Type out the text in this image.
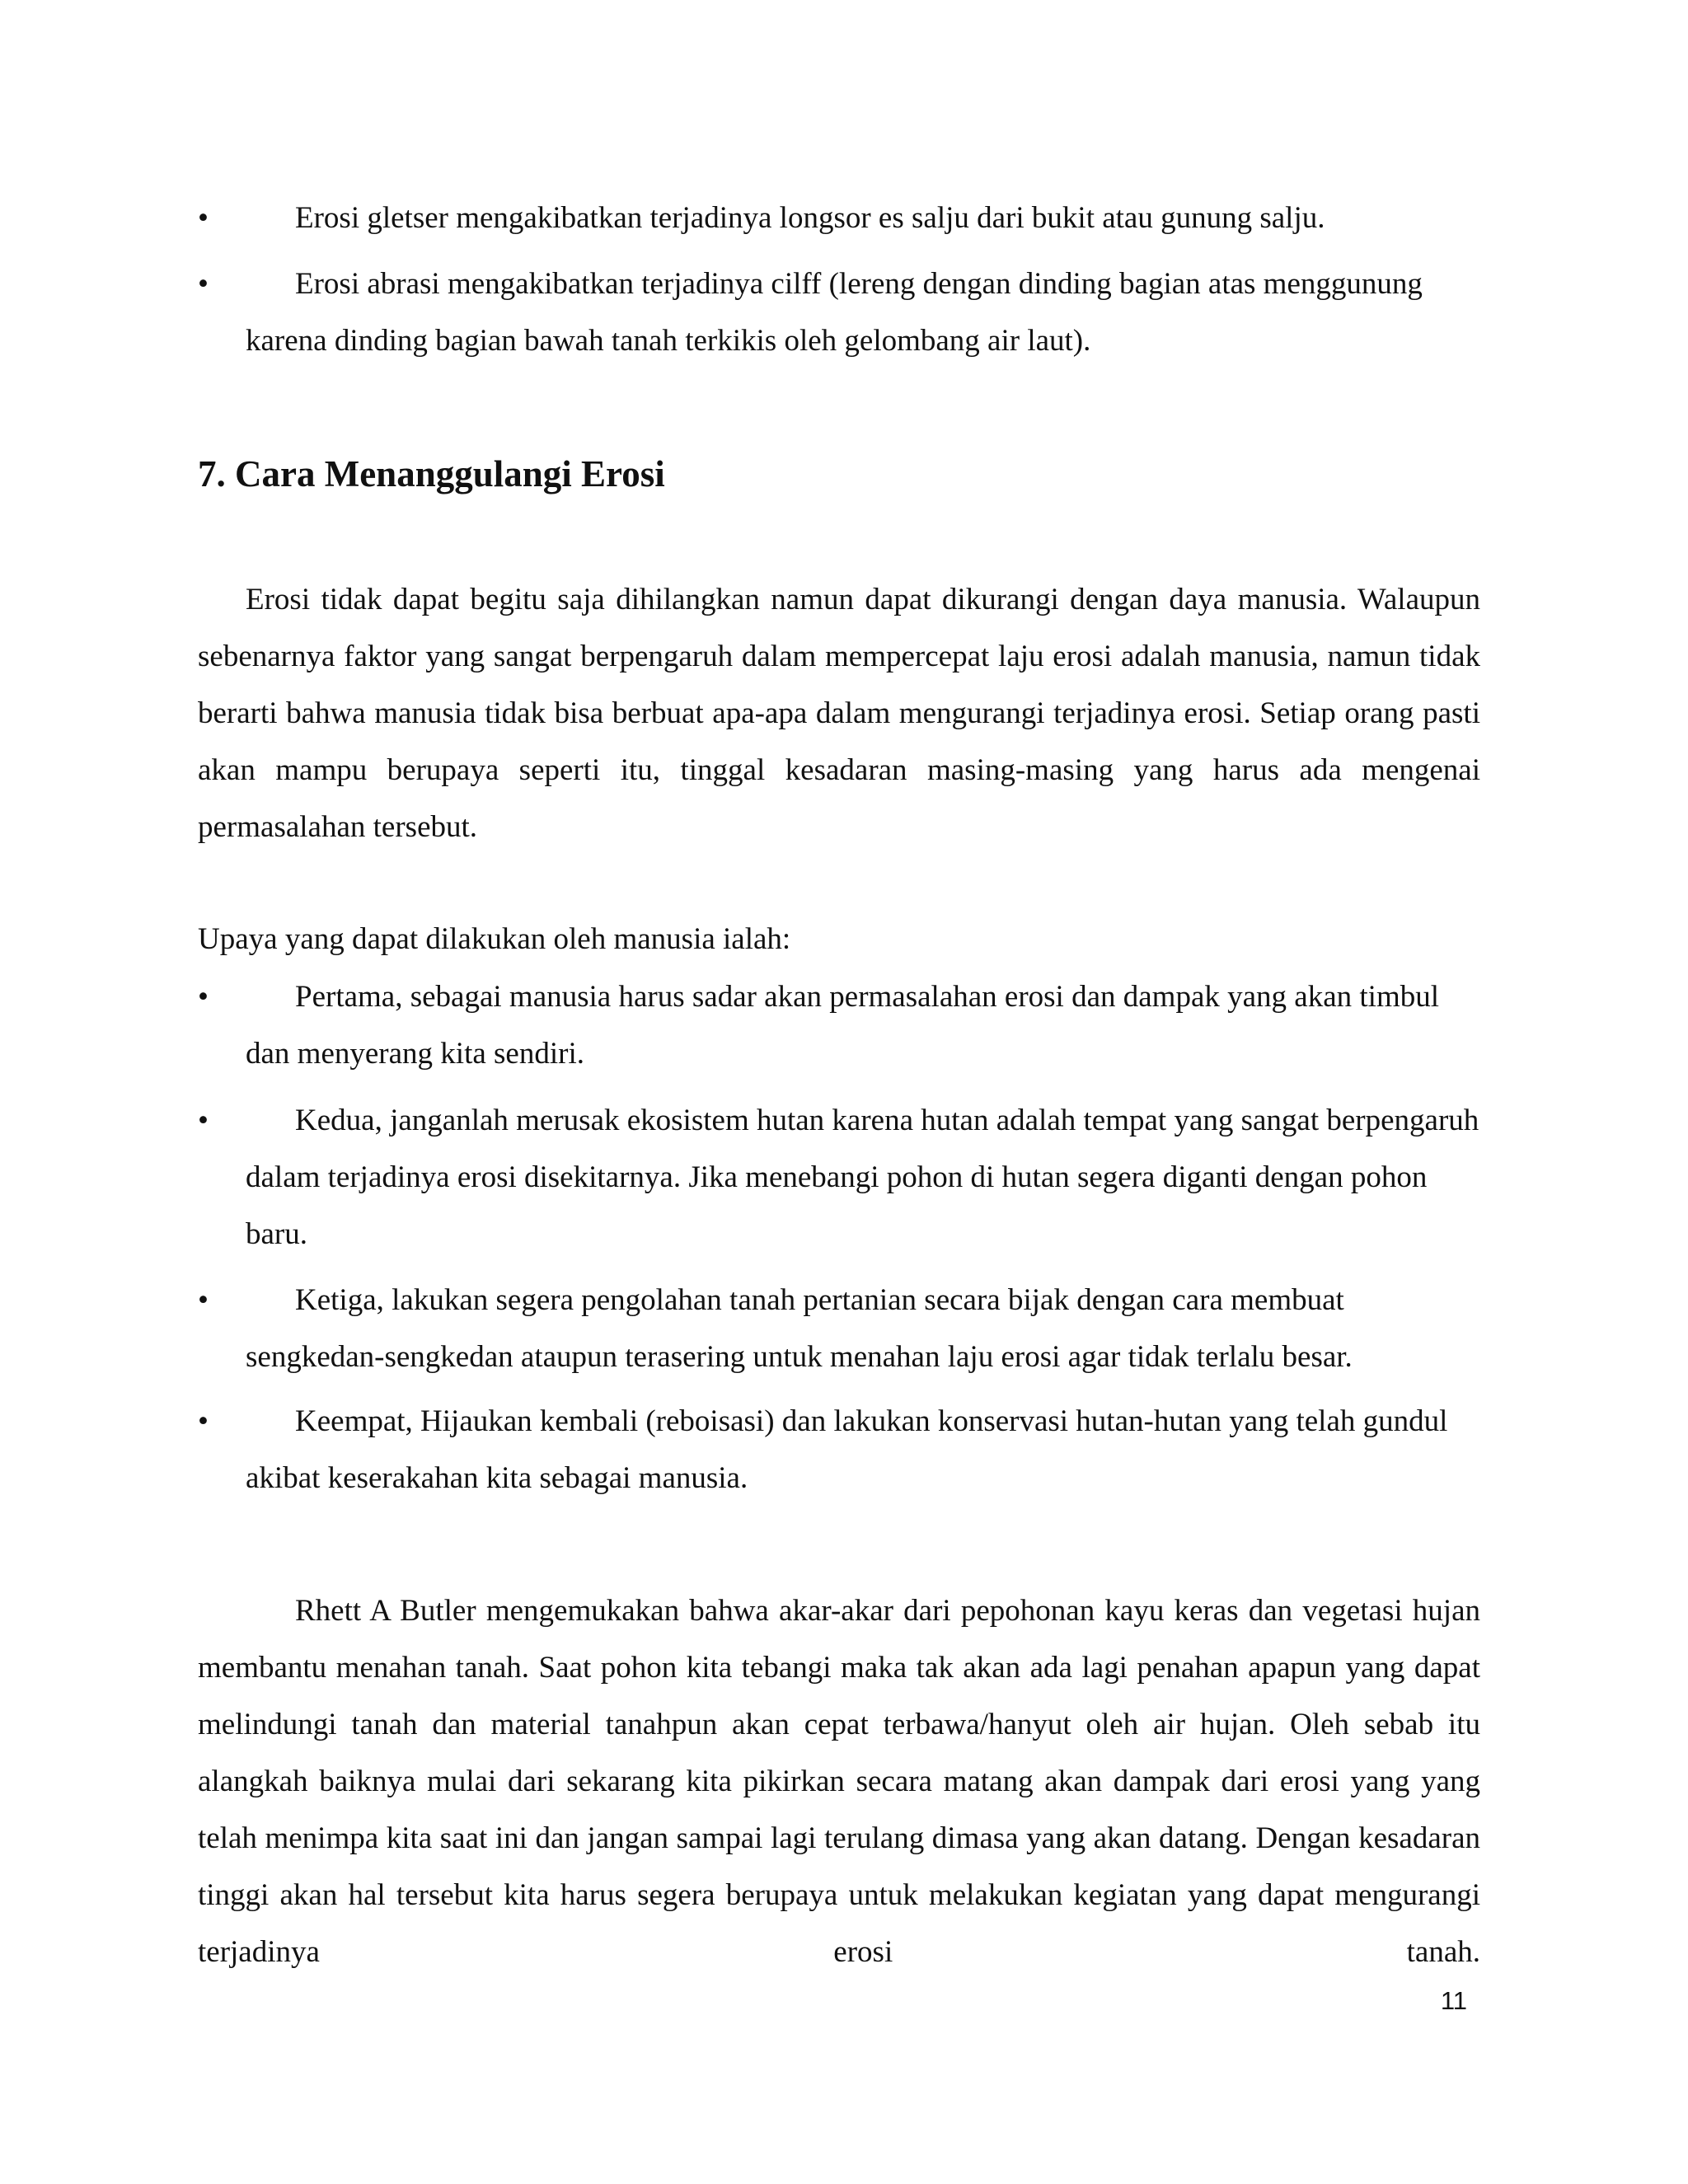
•	Erosi gletser mengakibatkan terjadinya longsor es salju dari bukit atau gunung salju.
•	Erosi abrasi mengakibatkan terjadinya cilff (lereng dengan dinding bagian atas menggunung karena dinding bagian bawah tanah terkikis oleh gelombang air laut).
7. Cara Menanggulangi Erosi

Erosi tidak dapat begitu saja dihilangkan namun dapat dikurangi dengan daya manusia. Walaupun sebenarnya faktor yang sangat berpengaruh dalam mempercepat laju erosi adalah manusia, namun tidak berarti bahwa manusia tidak bisa berbuat apa-apa dalam mengurangi terjadinya erosi. Setiap orang pasti akan mampu berupaya seperti itu, tinggal kesadaran masing-masing yang harus ada mengenai permasalahan tersebut.

Upaya yang dapat dilakukan oleh manusia ialah:

•	Pertama, sebagai manusia harus sadar akan permasalahan erosi dan dampak yang akan timbul dan menyerang kita sendiri.
•	Kedua, janganlah merusak ekosistem hutan karena hutan adalah tempat yang sangat berpengaruh dalam terjadinya erosi disekitarnya. Jika menebangi pohon di hutan segera diganti dengan pohon baru.
•	Ketiga, lakukan segera pengolahan tanah pertanian secara bijak dengan cara membuat sengkedan-sengkedan ataupun terasering untuk menahan laju erosi agar tidak terlalu besar.
•	Keempat, Hijaukan kembali (reboisasi) dan lakukan konservasi hutan-hutan yang telah gundul akibat keserakahan kita sebagai manusia.

Rhett A Butler mengemukakan bahwa akar-akar dari pepohonan kayu keras dan vegetasi hujan membantu menahan tanah. Saat pohon kita tebangi maka tak akan ada lagi penahan apapun yang dapat melindungi tanah dan material tanahpun akan cepat terbawa/hanyut oleh air hujan. Oleh sebab itu alangkah baiknya mulai dari sekarang kita pikirkan secara matang akan dampak dari erosi yang yang telah menimpa kita saat ini dan jangan sampai lagi terulang dimasa yang akan datang. Dengan kesadaran tinggi akan hal tersebut kita harus segera berupaya untuk melakukan kegiatan yang dapat mengurangi terjadinya erosi tanah.

11
